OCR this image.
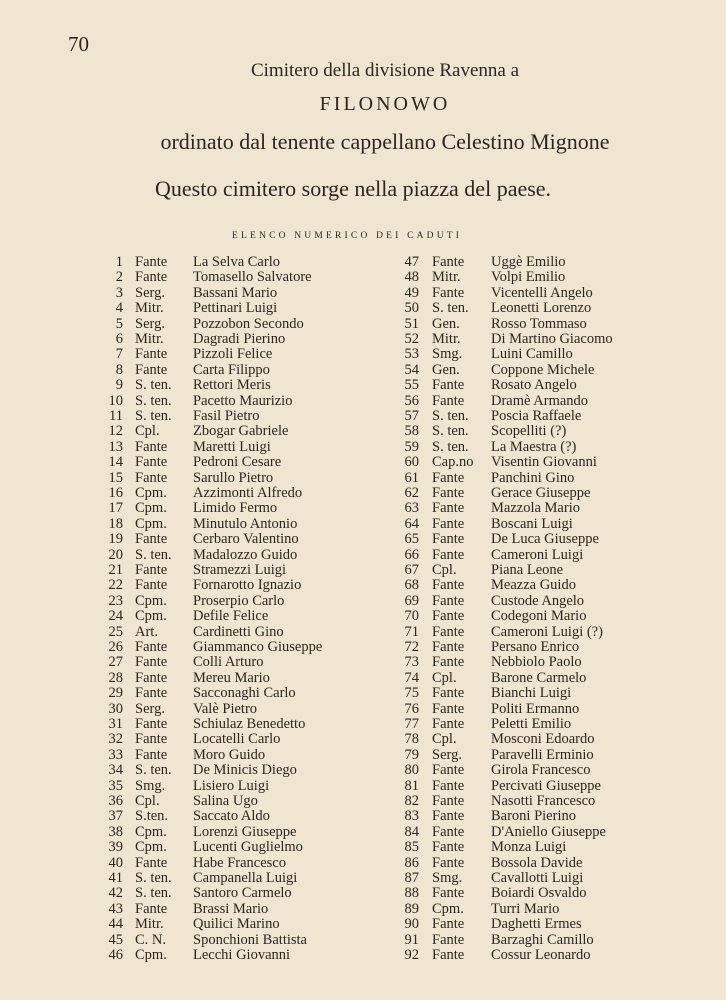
70
Cimitero della divisione Ravenna a
FILONOWO
ordinato dal tenente cappellano Celestino Mignone
Questo cimitero sorge nella piazza del paese.
ELENCO NUMERICO DEI CADUTI
1 Fante La Selva Carlo
2 Fante Tomasello Salvatore
3 Serg. Bassani Mario
4 Mitr. Pettinari Luigi
5 Serg. Pozzobon Secondo
6 Mitr. Dagradi Pierino
7 Fante Pizzoli Felice
8 Fante Carta Filippo
9 S. ten. Rettori Meris
10 S. ten. Pacetto Maurizio
11 S. ten. Fasil Pietro
12 Cpl. Zbogar Gabriele
13 Fante Maretti Luigi
14 Fante Pedroni Cesare
15 Fante Sarullo Pietro
16 Cpm. Azzimonti Alfredo
17 Cpm. Limido Fermo
18 Cpm. Minutulo Antonio
19 Fante Cerbaro Valentino
20 S. ten. Madalozzo Guido
21 Fante Stramezzi Luigi
22 Fante Fornarotto Ignazio
23 Cpm. Proserpio Carlo
24 Cpm. Defile Felice
25 Art. Cardinetti Gino
26 Fante Giammanco Giuseppe
27 Fante Colli Arturo
28 Fante Mereu Mario
29 Fante Sacconaghi Carlo
30 Serg. Valè Pietro
31 Fante Schiulaz Benedetto
32 Fante Locatelli Carlo
33 Fante Moro Guido
34 S. ten. De Minicis Diego
35 Smg. Lisiero Luigi
36 Cpl. Salina Ugo
37 S.ten. Saccato Aldo
38 Cpm. Lorenzi Giuseppe
39 Cpm. Lucenti Guglielmo
40 Fante Habe Francesco
41 S. ten. Campanella Luigi
42 S. ten. Santoro Carmelo
43 Fante Brassi Mario
44 Mitr. Quilici Marino
45 C. N. Sponchioni Battista
46 Cpm. Lecchi Giovanni
47 Fante Uggè Emilio
48 Mitr. Volpi Emilio
49 Fante Vicentelli Angelo
50 S. ten. Leonetti Lorenzo
51 Gen. Rosso Tommaso
52 Mitr. Di Martino Giacomo
53 Smg. Luini Camillo
54 Gen. Coppone Michele
55 Fante Rosato Angelo
56 Fante Dramè Armando
57 S. ten. Poscia Raffaele
58 S. ten. Scopelliti (?)
59 S. ten. La Maestra (?)
60 Cap.no Visentin Giovanni
61 Fante Panchini Gino
62 Fante Gerace Giuseppe
63 Fante Mazzola Mario
64 Fante Boscani Luigi
65 Fante De Luca Giuseppe
66 Fante Cameroni Luigi
67 Cpl. Piana Leone
68 Fante Meazza Guido
69 Fante Custode Angelo
70 Fante Codegoni Mario
71 Fante Cameroni Luigi (?)
72 Fante Persano Enrico
73 Fante Nebbiolo Paolo
74 Cpl. Barone Carmelo
75 Fante Bianchi Luigi
76 Fante Politi Ermanno
77 Fante Peletti Emilio
78 Cpl. Mosconi Edoardo
79 Serg. Paravelli Erminio
80 Fante Girola Francesco
81 Fante Percivati Giuseppe
82 Fante Nasotti Francesco
83 Fante Baroni Pierino
84 Fante D'Aniello Giuseppe
85 Fante Monza Luigi
86 Fante Bossola Davide
87 Smg. Cavallotti Luigi
88 Fante Boiardi Osvaldo
89 Cpm. Turri Mario
90 Fante Daghetti Ermes
91 Fante Barzaghi Camillo
92 Fante Cossur Leonardo
